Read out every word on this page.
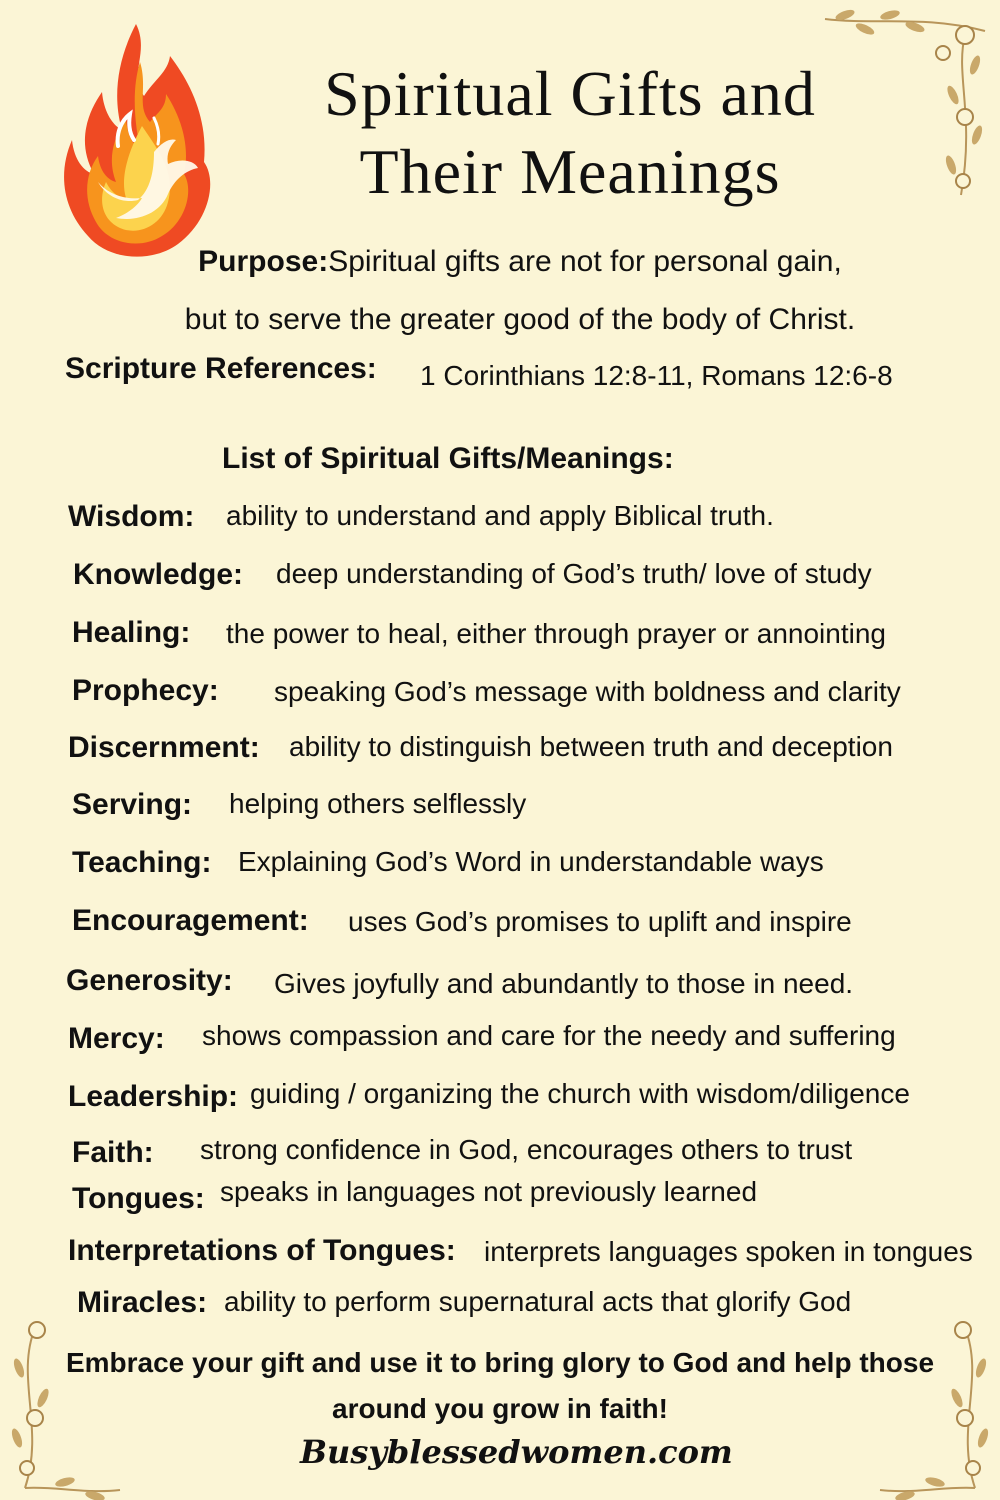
Spiritual Gifts and
Their Meanings
Purpose:Spiritual gifts are not for personal gain,
but to serve the greater good of the body of Christ.
Scripture References: 1 Corinthians 12:8-11, Romans 12:6-8
List of Spiritual Gifts/Meanings:
Wisdom: ability to understand and apply Biblical truth.
Knowledge: deep understanding of God’s truth/ love of study
Healing: the power to heal, either through prayer or annointing
Prophecy: speaking God’s message with boldness and clarity
Discernment: ability to distinguish between truth and deception
Serving: helping others selflessly
Teaching: Explaining God’s Word in understandable ways
Encouragement: uses God’s promises to uplift and inspire
Generosity: Gives joyfully and abundantly to those in need.
Mercy: shows compassion and care for the needy and suffering
Leadership: guiding / organizing the church with wisdom/diligence
Faith: strong confidence in God, encourages others to trust
Tongues: speaks in languages not previously learned
Interpretations of Tongues: interprets languages spoken in tongues
Miracles: ability to perform supernatural acts that glorify God
Embrace your gift and use it to bring glory to God and help those
around you grow in faith!
Busyblessedwomen.com
